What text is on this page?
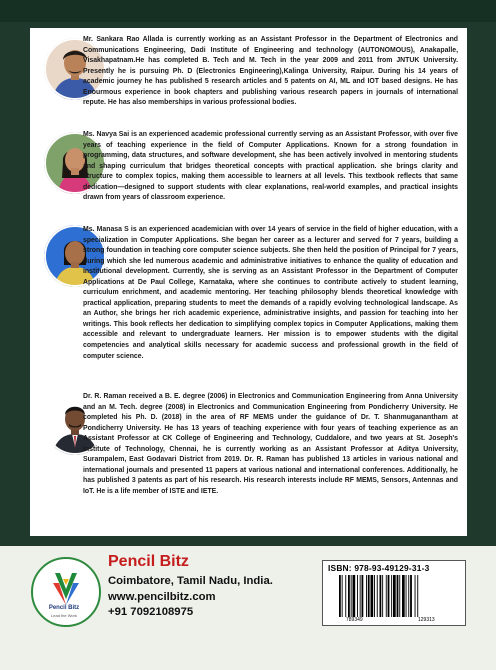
Mr. Sankara Rao Allada is currently working as an Assistant Professor in the Department of Electronics and Communications Engineering, Dadi Institute of Engineering and technology (AUTONOMOUS), Anakapalle, Visakhapatnam.He has completed B. Tech and M. Tech in the year 2009 and 2011 from JNTUK University. Presently he is pursuing Ph. D (Electronics Engineering),Kalinga University, Raipur. During his 14 years of academic journey he has published 5 research articles and 5 patents on AI, ML and IOT based designs. He has Enourmous experience in book chapters and publishing various research papers in journals of international repute. He has also memberships in various professional bodies.

Ms. Navya Sai is an experienced academic professional currently serving as an Assistant Professor, with over five years of teaching experience in the field of Computer Applications. Known for a strong foundation in programming, data structures, and software development, she has been actively involved in mentoring students and shaping curriculum that bridges theoretical concepts with practical application. she brings clarity and structure to complex topics, making them accessible to learners at all levels. This textbook reflects that same dedication—designed to support students with clear explanations, real-world examples, and practical insights drawn from years of classroom experience.

Ms. Manasa S is an experienced academician with over 14 years of service in the field of higher education, with a specialization in Computer Applications. She began her career as a lecturer and served for 7 years, building a strong foundation in teaching core computer science subjects. She then held the position of Principal for 7 years, during which she led numerous academic and administrative initiatives to enhance the quality of education and institutional development. Currently, she is serving as an Assistant Professor in the Department of Computer Applications at De Paul College, Karnataka, where she continues to contribute actively to student learning, curriculum enrichment, and academic mentoring. Her teaching philosophy blends theoretical knowledge with practical application, preparing students to meet the demands of a rapidly evolving technological landscape. As an Author, she brings her rich academic experience, administrative insights, and passion for teaching into her writings. This book reflects her dedication to simplifying complex topics in Computer Applications, making them accessible and relevant to undergraduate learners. Her mission is to empower students with the digital competencies and analytical skills necessary for academic success and professional growth in the field of computer science.

Dr. R. Raman received a B. E. degree (2006) in Electronics and Communication Engineering from Anna University and an M. Tech. degree (2008) in Electronics and Communication Engineering from Pondicherry University. He completed his Ph. D. (2018) in the area of RF MEMS under the guidance of Dr. T. Shanmuganantham at Pondicherry University. He has 13 years of teaching experience with four years of teaching experience as an Assistant Professor at CK College of Engineering and Technology, Cuddalore, and two years at St. Joseph's Institute of Technology, Chennai, he is currently working as an Assistant Professor at Aditya University, Surampalem, East Godavari District from 2019. Dr. R. Raman has published 13 articles in various national and international journals and presented 11 papers at various national and international conferences. Additionally, he has published 3 patents as part of his research. His research interests include RF MEMS, Sensors, Antennas and IoT. He is a life member of ISTE and IETE.

Pencil Bitz

Lead the Work

Pencil Bitz

Coimbatore, Tamil Nadu, India.

www.pencilbitz.com

+91 7092108975

ISBN: 978-93-49129-31-3

789349	129313
